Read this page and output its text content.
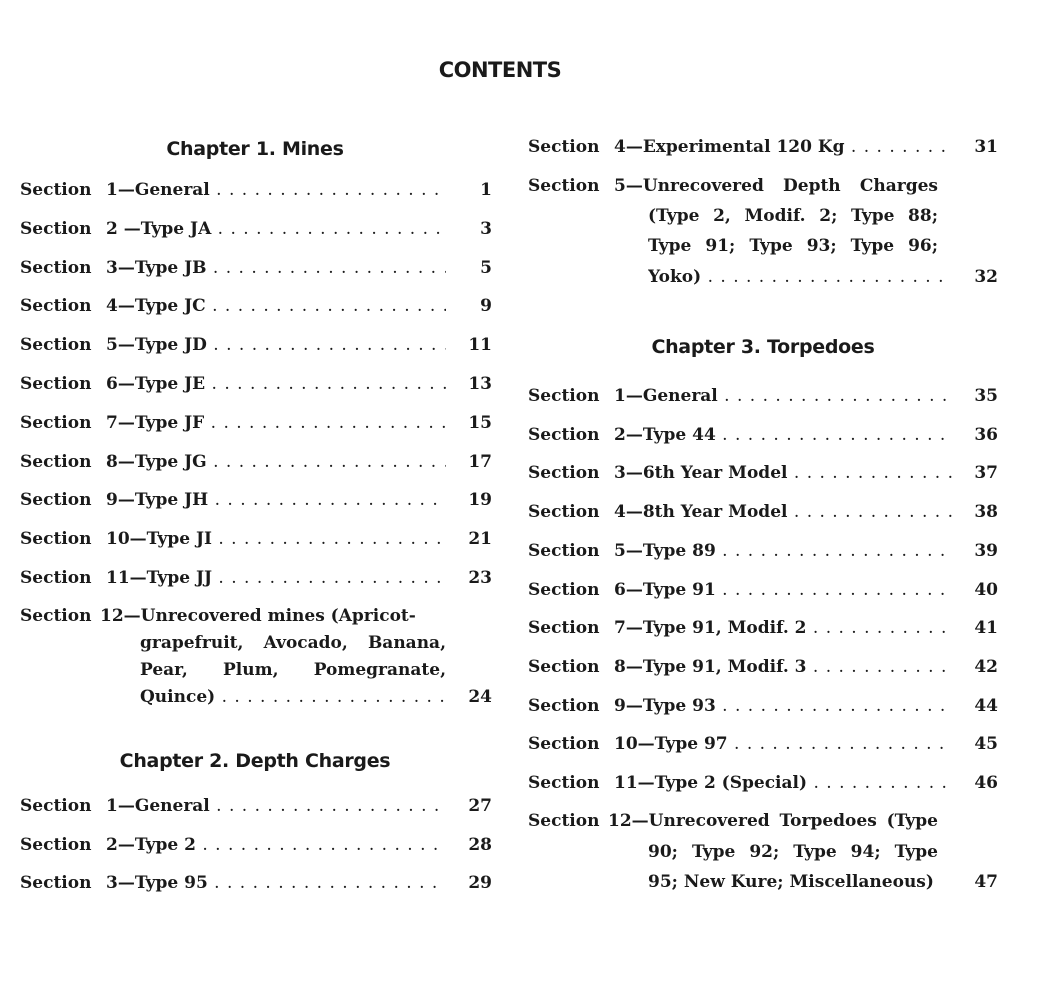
CONTENTS
Chapter 1. Mines
Section 1—General . . .	1
Section 2 —Type JA . . .	3
Section 3—Type JB . . .	5
Section 4—Type JC . . .	9
Section 5—Type JD . . .	11
Section 6—Type JE . . .	13
Section 7—Type JF . . .	15
Section 8—Type JG . . .	17
Section 9—Type JH . . .	19
Section 10—Type JI . . .	21
Section 11—Type JJ . . .	23
Section 12—Unrecovered mines (Apricot-
grapefruit, Avocado, Banana,
Pear, Plum, Pomegranate,
Quince) . . .	24
Chapter 2. Depth Charges
Section 1—General . . .	27
Section 2—Type 2 . . .	28
Section 3—Type 95 . . .	29
Section 4—Experimental 120 Kg . . .	31
Section 5—Unrecovered Depth Charges
(Type 2, Modif. 2; Type 88;
Type 91; Type 93; Type 96;
Yoko) . . .	32
Chapter 3. Torpedoes
Section 1—General . . .	35
Section 2—Type 44 . . .	36
Section 3—6th Year Model . . .	37
Section 4—8th Year Model . . .	38
Section 5—Type 89 . . .	39
Section 6—Type 91 . . .	40
Section 7—Type 91, Modif. 2 . . .	41
Section 8—Type 91, Modif. 3 . . .	42
Section 9—Type 93 . . .	44
Section 10—Type 97 . . .	45
Section 11—Type 2 (Special) . . .	46
Section 12—Unrecovered Torpedoes (Type
90; Type 92; Type 94; Type
95; New Kure; Miscellaneous)	47
